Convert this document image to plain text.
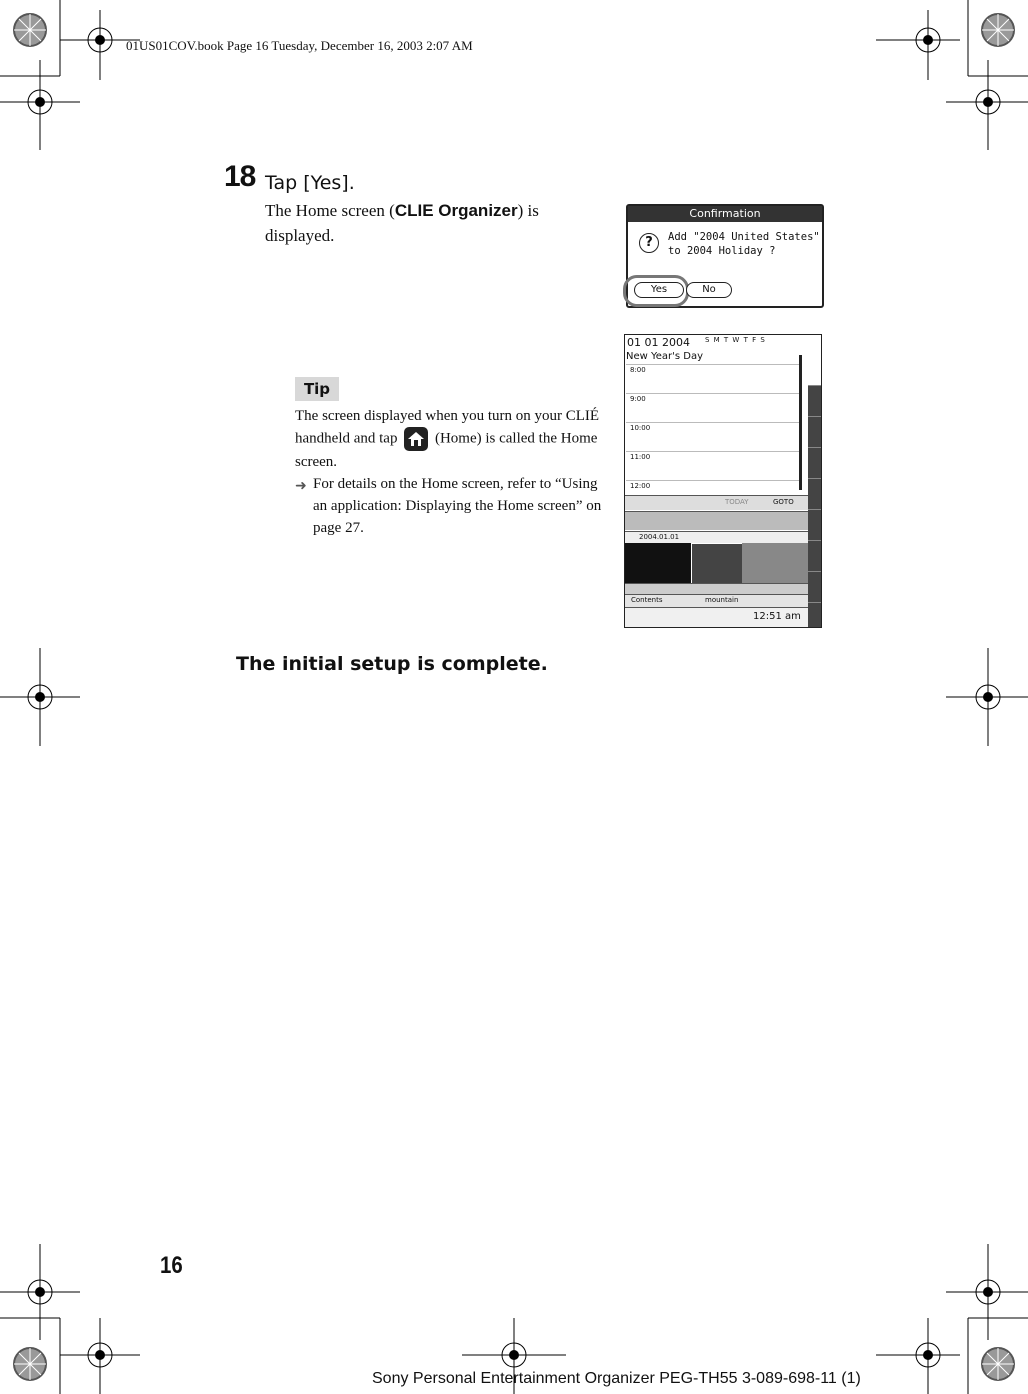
01US01COV.book Page 16 Tuesday, December 16, 2003 2:07 AM
18 Tap [Yes].
The Home screen (CLIE Organizer) is displayed.
Confirmation
?	Add "2004 United States" to 2004 Holiday ?
Yes	No
01 01 2004 S M T W T F S
New Year's Day
8:00
9:00
10:00
11:00
12:00
TODAY	GOTO
2004.01.01
Contents	mountain
12:51 am
Tip
The screen displayed when you turn on your CLIÉ handheld and tap	(Home) is called the Home screen.
➜ For details on the Home screen, refer to “Using an application: Displaying the Home screen” on page 27.
The initial setup is complete.
16
Sony Personal Entertainment Organizer PEG-TH55 3-089-698-11 (1)
